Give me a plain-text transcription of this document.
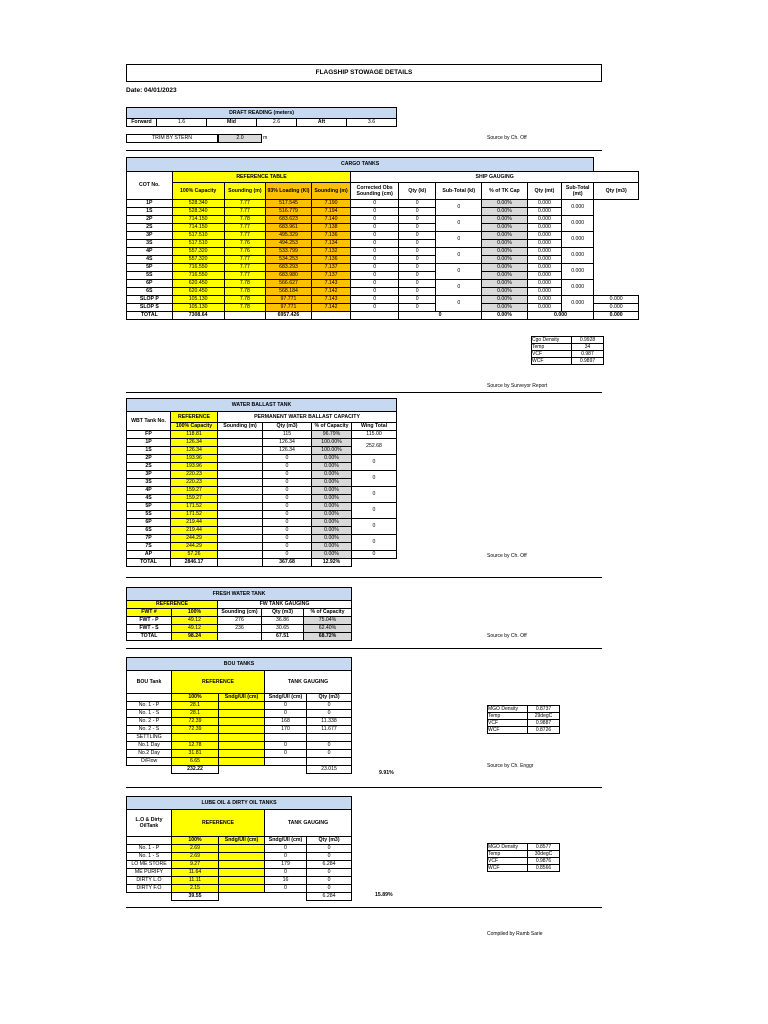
FLAGSHIP STOWAGE DETAILS
Date: 04/01/2023
DRAFT READING (meters)
Forward	1.6	Mid	2.6	Aft	3.6
TRIM BY STERN	2.0	m	Source by Ch. Off
CARGO TANKS											
COT No.	REFERENCE TABLE				SHIP GAUGING						
	100% Capacity	Sounding (m)	93% Loading (Kl)	Sounding (m)	Corrected Obs Sounding (cm)	Qty (kl)	Sub-Total (kl)	% of TK Cap	Qty (mt)	Sub-Total (mt)	Qty (m3)
1P	528.340	7.77	517.545	7.190	0	0	0	0.00%	0.000	0.000	
1S	528.340	7.77	516.779	7.194	0	0		0.00%	0.000		
2P	714.150	7.78	683.623	7.140	0	0	0	0.00%	0.000	0.000	
2S	714.150	7.77	683.961	7.138	0	0		0.00%	0.000		
3P	517.510	7.77	495.329	7.136	0	0	0	0.00%	0.000	0.000	
3S	517.510	7.76	494.253	7.134	0	0		0.00%	0.000		
4P	557.320	7.76	533.799	7.132	0	0	0	0.00%	0.000	0.000	
4S	557.320	7.77	534.253	7.136	0	0		0.00%	0.000		
5P	716.550	7.77	683.293	7.137	0	0	0	0.00%	0.000	0.000	
5S	716.550	7.77	683.980	7.137	0	0		0.00%	0.000		
6P	620.450	7.78	566.627	7.143	0	0	0	0.00%	0.000	0.000	
6S	620.450	7.78	568.184	7.142	0	0		0.00%	0.000		
SLOP P	105.130	7.78	97.771	7.143	0	0	0	0.00%	0.000	0.000	0.000
SLOP S	105.130	7.78	97.771	7.142	0	0		0.00%	0.000		0.000
TOTAL	7308.64		6957.426			0		0.00%	0.000		0.000
Cgo Density	0.9928
Temp	34
VCF	0.987
WCF	0.9897
Source by Surveyor Report
WATER BALLAST TANK					
WBT Tank No.	REFERENCE	PERMANENT WATER BALLAST CAPACITY			
	100% Capacity	Sounding (m)	Qty (m3)	% of Capacity	Wing Total
FP	118.81		115	96.79%	115.00
1P	126.34		126.34	100.00%	252.68
1S	126.34		126.34	100.00%	
2P	193.96		0	0.00%	0
2S	193.96		0	0.00%	
3P	220.23		0	0.00%	0
3S	220.23		0	0.00%	
4P	159.27		0	0.00%	0
4S	159.27		0	0.00%	
5P	171.52		0	0.00%	0
5S	171.52		0	0.00%	
6P	219.44		0	0.00%	0
6S	219.44		0	0.00%	
7P	244.29		0	0.00%	0
7S	244.29		0	0.00%	
AP	57.26		0	0.00%	0
TOTAL	2846.17		367.68	12.92%	
Source by Ch. Off
FRESH WATER TANK				
REFERENCE		FW TANK GAUGING		
FWT #	100%	Sounding (cm)	Qty (m3)	% of Capacity
FWT - P	49.12	276	36.86	75.04%
FWT - S	49.12	236	30.65	62.40%
TOTAL	98.24		67.51	68.72%	Source by Ch. Off
BOU TANKS				
BOU Tank	REFERENCE		TANK GAUGING	

	100%	Sndg/Ull (cm)	Sndg/Ull (cm)	Qty (m3)
No. 1 - P	28.1		0	0
No. 1 - S	28.1		0	0
No. 2 - P	72.39		168	11.338
No. 2 - S	72.39		170	11.677
SETTLING				
No.1 Day	12.78		0	0
No.2 Day	31.81		0	0
O/Flow	6.65			
	232.22			23.015
9.91%
MGO Density	0.8737
Temp	29degC
VCF	0.9887
WCF	0.8726
Source by Ch. Enggr
LUBE OIL & DIRTY OIL TANKS				
L.O & Dirty OilTank	REFERENCE		TANK GAUGING	

	100%	Sndg/Ull (cm)	Sndg/Ull (cm)	Qty (m3)
No. 1 - P	2.69		0	0
No. 1 - S	2.69		0	0
LO ME STORE	9.27		179	6.284
ME PURIFY	11.64		0	0
DIRTY L.O	11.11		16	0
DIRTY F.O	2.15		0	0
	39.55			6.284	15.89%
MGO Density	0.8577
Temp	30degC
VCF	0.9876
WCF	0.8566
Compiled by Ramb Sarie
